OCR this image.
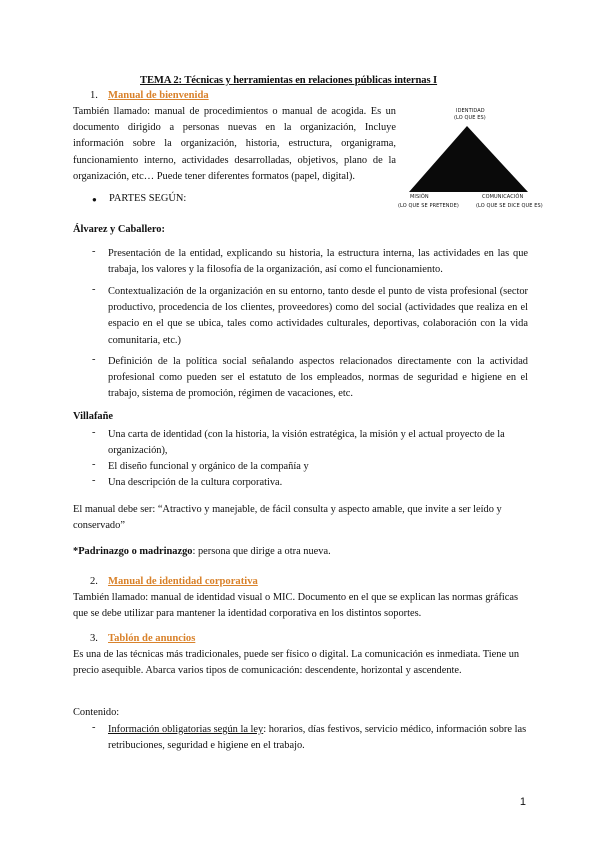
TEMA 2: Técnicas y herramientas en relaciones públicas internas I
1. Manual de bienvenida
También llamado: manual de procedimientos o manual de acogida. Es un documento dirigido a personas nuevas en la organización, Incluye información sobre la organización, historia, estructura, organigrama, funcionamiento interno, actividades desarrolladas, objetivos, plano de la organización, etc… Puede tener diferentes formatos (papel, digital).
IDENTIDAD
(LO QUE ES)
MISIÓN
(LO QUE SE PRETENDE)
COMUNICACIÓN
(LO QUE SE DICE QUE ES)
● PARTES SEGÚN:
Álvarez y Caballero:
- Presentación de la entidad, explicando su historia, la estructura interna, las actividades en las que trabaja, los valores y la filosofía de la organización, así como el funcionamiento.
- Contextualización de la organización en su entorno, tanto desde el punto de vista profesional (sector productivo, procedencia de los clientes, proveedores) como del social (actividades que realiza en el espacio en el que se ubica, tales como actividades culturales, deportivas, colaboración con la vida comunitaria, etc.)
- Definición de la política social señalando aspectos relacionados directamente con la actividad profesional como pueden ser el estatuto de los empleados, normas de seguridad e higiene en el trabajo, sistema de promoción, régimen de vacaciones, etc.
Villafañe
- Una carta de identidad (con la historia, la visión estratégica, la misión y el actual proyecto de la organización),
- El diseño funcional y orgánico de la compañía y
- Una descripción de la cultura corporativa.
El manual debe ser: “Atractivo y manejable, de fácil consulta y aspecto amable, que invite a ser leído y conservado”
*Padrinazgo o madrinazgo: persona que dirige a otra nueva.
2. Manual de identidad corporativa
También llamado: manual de identidad visual o MIC. Documento en el que se explican las normas gráficas que se debe utilizar para mantener la identidad corporativa en los distintos soportes.
3. Tablón de anuncios
Es una de las técnicas más tradicionales, puede ser físico o digital. La comunicación es inmediata. Tiene un precio asequible. Abarca varios tipos de comunicación: descendente, horizontal y ascendente.
Contenido:
- Información obligatorias según la ley: horarios, días festivos, servicio médico, información sobre las retribuciones, seguridad e higiene en el trabajo.
1
